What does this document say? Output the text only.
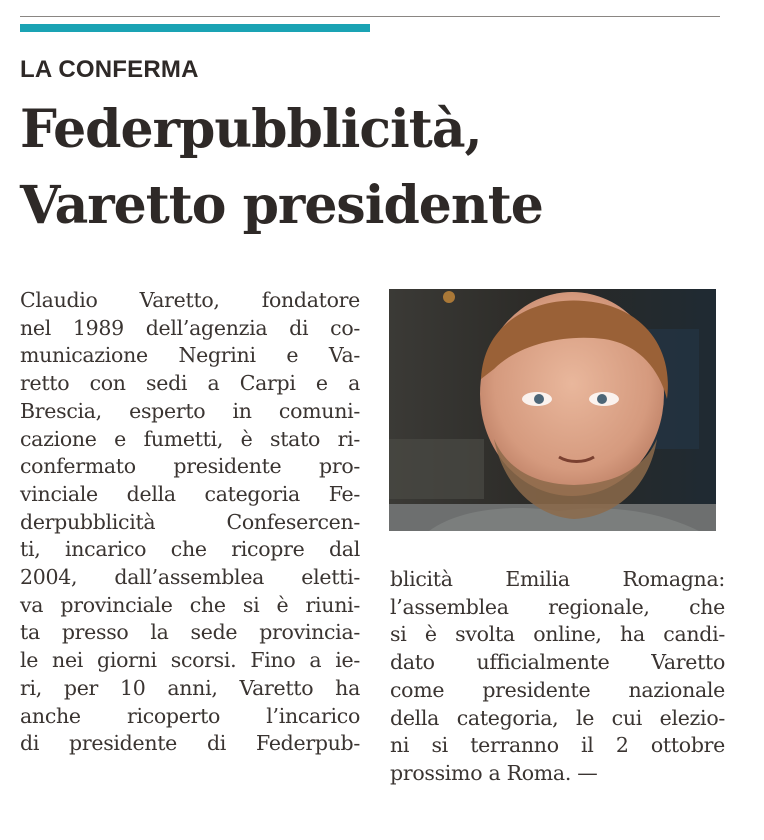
LA CONFERMA

Federpubblicità,
Varetto presidente
Claudio Varetto, fondatore
nel 1989 dell’agenzia di co-
municazione Negrini e Va-
retto con sedi a Carpi e a
Brescia, esperto in comuni-
cazione e fumetti, è stato ri-
confermato presidente pro-
vinciale della categoria Fe-
derpubblicità Confesercen-
ti, incarico che ricopre dal
2004, dall’assemblea eletti-
va provinciale che si è riuni-
ta presso la sede provincia-
le nei giorni scorsi. Fino a ie-
ri, per 10 anni, Varetto ha
anche ricoperto l’incarico
di presidente di Federpub-
blicità Emilia Romagna:
l’assemblea regionale, che
si è svolta online, ha candi-
dato ufficialmente Varetto
come presidente nazionale
della categoria, le cui elezio-
ni si terranno il 2 ottobre
prossimo a Roma. —
